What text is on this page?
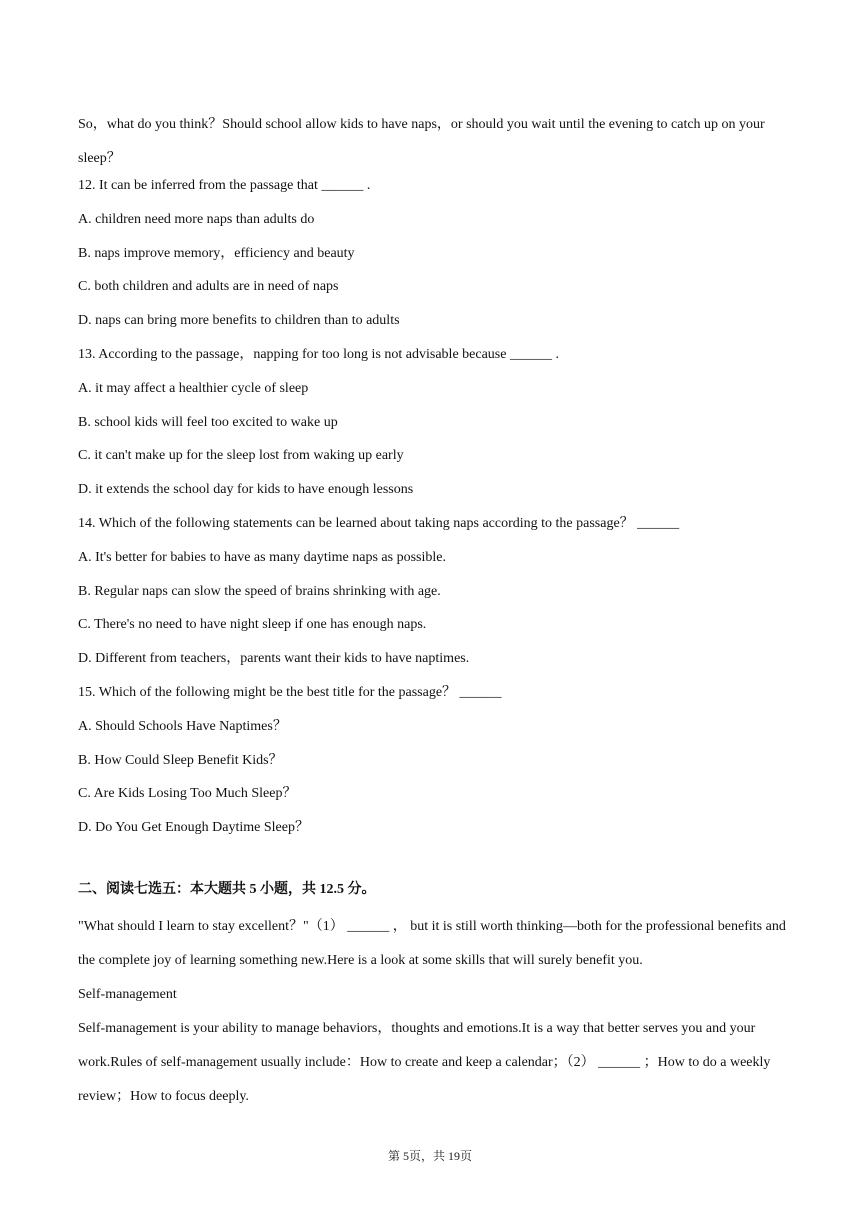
So，what do you think？Should school allow kids to have naps，or should you wait until the evening to catch up on your sleep？

12. It can be inferred from the passage that ______ .
A. children need more naps than adults do
B. naps improve memory，efficiency and beauty
C. both children and adults are in need of naps
D. naps can bring more benefits to children than to adults
13. According to the passage，napping for too long is not advisable because ______ .
A. it may affect a healthier cycle of sleep
B. school kids will feel too excited to wake up
C. it can't make up for the sleep lost from waking up early
D. it extends the school day for kids to have enough lessons
14. Which of the following statements can be learned about taking naps according to the passage？ ______
A. It's better for babies to have as many daytime naps as possible.
B. Regular naps can slow the speed of brains shrinking with age.
C. There's no need to have night sleep if one has enough naps.
D. Different from teachers，parents want their kids to have naptimes.
15. Which of the following might be the best title for the passage？ ______
A. Should Schools Have Naptimes？
B. How Could Sleep Benefit Kids？
C. Are Kids Losing Too Much Sleep？
D. Do You Get Enough Daytime Sleep？
二、阅读七选五：本大题共 5 小题，共 12.5 分。

"What should I learn to stay excellent？"（1） ______ ， but it is still worth thinking—both for the professional benefits and the complete joy of learning something new.Here is a look at some skills that will surely benefit you.

Self-management

Self-management is your ability to manage behaviors，thoughts and emotions.It is a way that better serves you and your work.Rules of self-management usually include：How to create and keep a calendar；（2） ______ ；How to do a weekly review；How to focus deeply.

第 5页，共 19页
